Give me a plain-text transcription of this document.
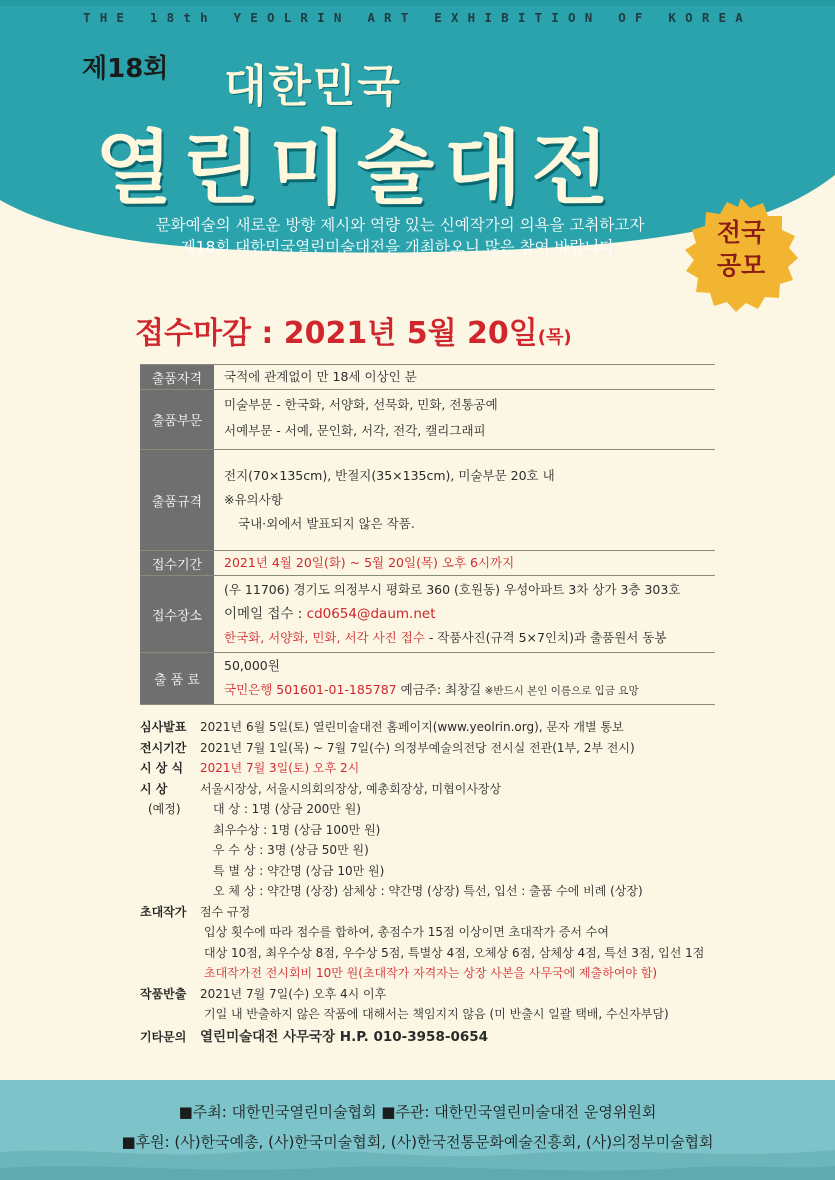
THE 18th YEOLRIN ART EXHIBITION OF KOREA
제18회 대한민국
열린미술대전
문화예술의 새로운 방향 제시와 역량 있는 신예작가의 의욕을 고취하고자
제18회 대한민국열린미술대전을 개최하오니 많은 참여 바랍니다.	전국
공모
접수마감 : 2021년 5월 20일(목)
출품자격	국적에 관계없이 만 18세 이상인 분

출품부문	미술부문 - 한국화, 서양화, 선묵화, 민화, 전통공예
서예부문 - 서예, 문인화, 서각, 전각, 캘리그래피

출품규격	전지(70×135cm), 반절지(35×135cm), 미술부문 20호 내
※유의사항
국내·외에서 발표되지 않은 작품.

접수기간	2021년 4월 20일(화) ~ 5월 20일(목) 오후 6시까지

접수장소	(우 11706) 경기도 의정부시 평화로 360 (호원동) 우성아파트 3차 상가 3층 303호
이메일 접수 : cd0654@daum.net
한국화, 서양화, 민화, 서각 사진 접수 - 작품사진(규격 5×7인치)과 출품원서 동봉

출 품 료	50,000원
국민은행 501601-01-185787 예금주: 최창길 ※반드시 본인 이름으로 입금 요망
심사발표	2021년 6월 5일(토) 열린미술대전 홈페이지(www.yeolrin.org), 문자 개별 통보
전시기간	2021년 7월 1일(목) ~ 7월 7일(수) 의정부예술의전당 전시실 전관(1부, 2부 전시)
시 상 식	2021년 7월 3일(토) 오후 2시
시 상	서울시장상, 서울시의회의장상, 예총회장상, 미협이사장상
(예정)	대 상 : 1명 (상금 200만 원)
최우수상 : 1명 (상금 100만 원)
우 수 상 : 3명 (상금 50만 원)
특 별 상 : 약간명 (상금 10만 원)
오 체 상 : 약간명 (상장) 삼체상 : 약간명 (상장) 특선, 입선 : 출품 수에 비례 (상장)
초대작가	점수 규정
입상 횟수에 따라 점수를 합하여, 총점수가 15점 이상이면 초대작가 증서 수여
대상 10점, 최우수상 8점, 우수상 5점, 특별상 4점, 오체상 6점, 삼체상 4점, 특선 3점, 입선 1점
초대작가전 전시회비 10만 원(초대작가 자격자는 상장 사본을 사무국에 제출하여야 함)
작품반출	2021년 7월 7일(수) 오후 4시 이후
기일 내 반출하지 않은 작품에 대해서는 책임지지 않음 (미 반출시 일괄 택배, 수신자부담)
기타문의	열린미술대전 사무국장 H.P. 010-3958-0654
■주최: 대한민국열린미술협회 ■주관: 대한민국열린미술대전 운영위원회
■후원: (사)한국예총, (사)한국미술협회, (사)한국전통문화예술진흥회, (사)의정부미술협회
